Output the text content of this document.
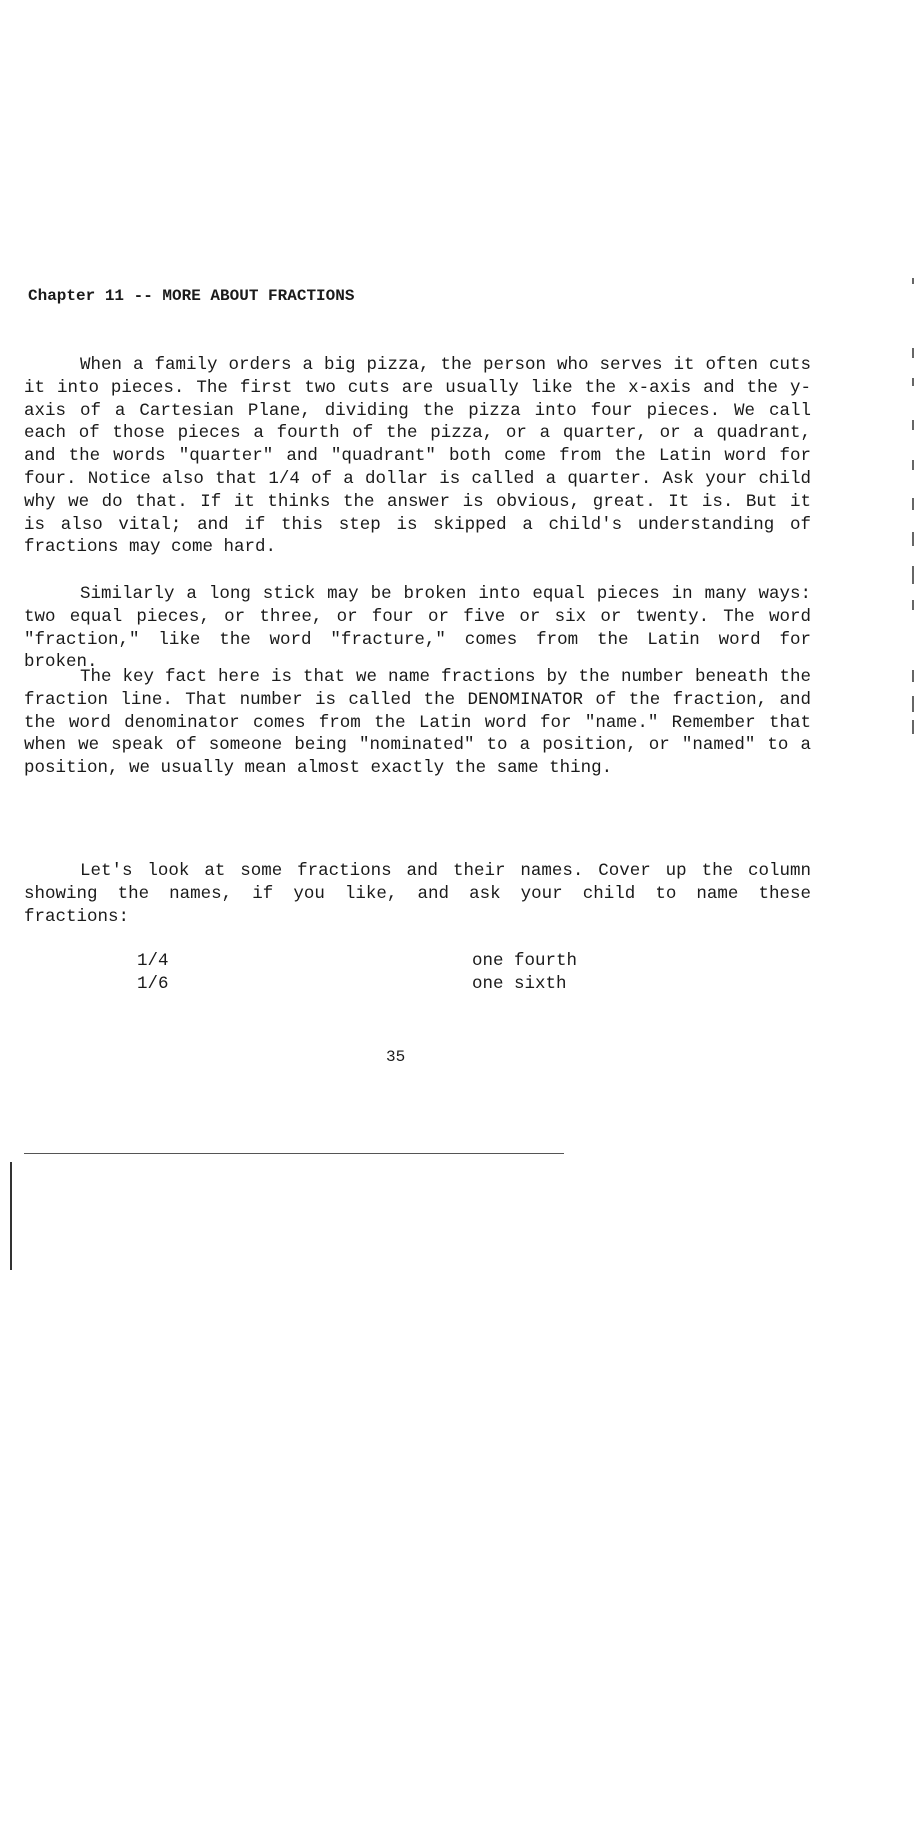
Chapter 11 -- MORE ABOUT FRACTIONS

When a family orders a big pizza, the person who serves it often cuts it into pieces. The first two cuts are usually like the x-axis and the y-axis of a Cartesian Plane, dividing the pizza into four pieces. We call each of those pieces a fourth of the pizza, or a quarter, or a quadrant, and the words "quarter" and "quadrant" both come from the Latin word for four. Notice also that 1/4 of a dollar is called a quarter. Ask your child why we do that. If it thinks the answer is obvious, great. It is. But it is also vital; and if this step is skipped a child's understanding of fractions may come hard.

Similarly a long stick may be broken into equal pieces in many ways: two equal pieces, or three, or four or five or six or twenty. The word "fraction," like the word "fracture," comes from the Latin word for broken.

The key fact here is that we name fractions by the number beneath the fraction line. That number is called the DENOMINATOR of the fraction, and the word denominator comes from the Latin word for "name." Remember that when we speak of someone being "nominated" to a position, or "named" to a position, we usually mean almost exactly the same thing.

Let's look at some fractions and their names. Cover up the column showing the names, if you like, and ask your child to name these fractions:

1/4	one fourth
1/6	one sixth
35
